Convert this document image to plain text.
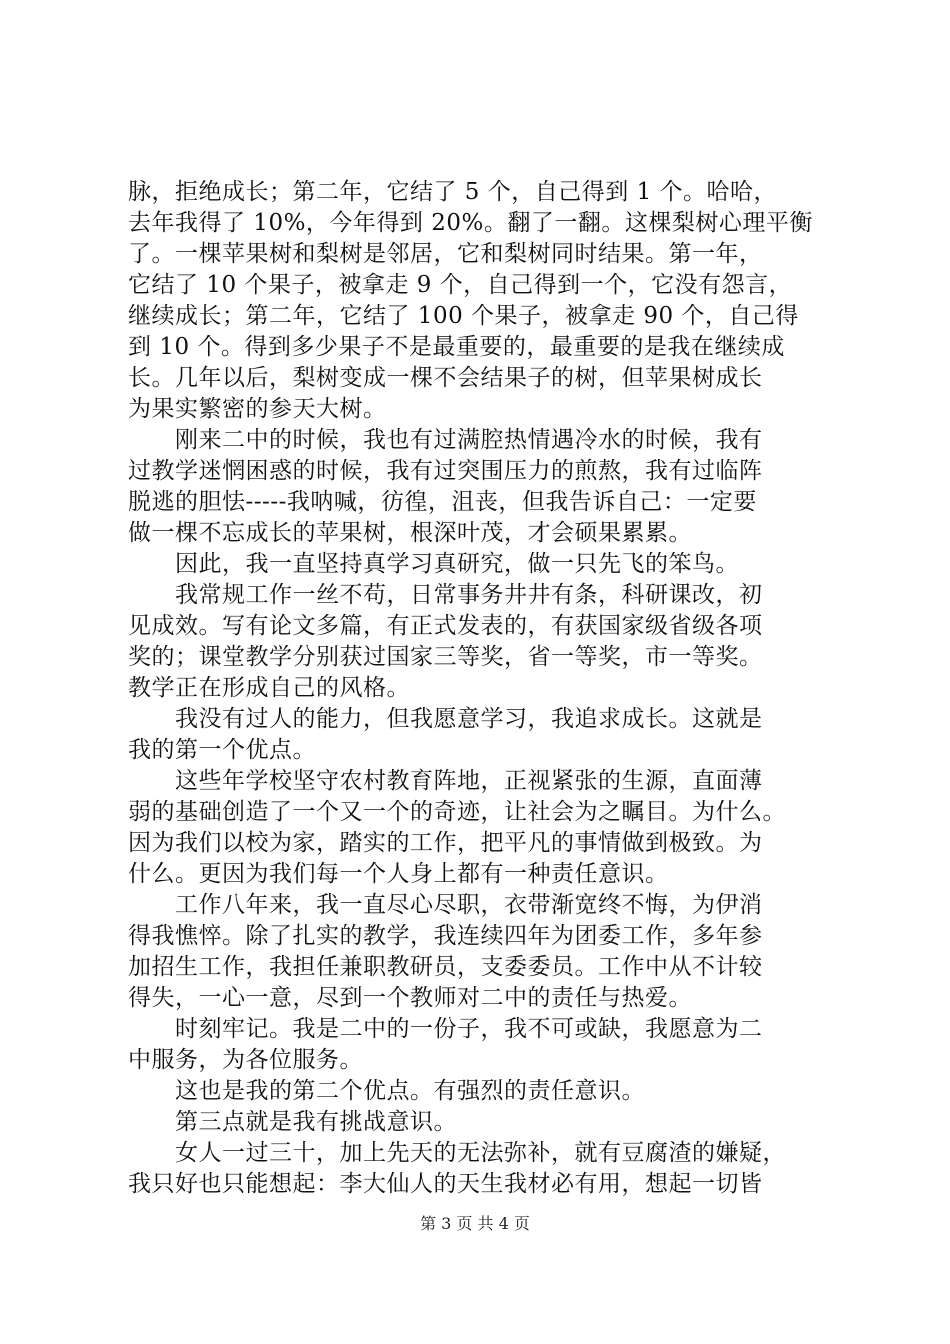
脉，拒绝成长；第二年，它结了 5 个，自己得到 1 个。哈哈，
去年我得了 10%，今年得到 20%。翻了一翻。这棵梨树心理平衡
了。一棵苹果树和梨树是邻居，它和梨树同时结果。第一年，
它结了 10 个果子，被拿走 9 个，自己得到一个，它没有怨言，
继续成长；第二年，它结了 100 个果子，被拿走 90 个，自己得
到 10 个。得到多少果子不是最重要的，最重要的是我在继续成
长。几年以后，梨树变成一棵不会结果子的树，但苹果树成长
为果实繁密的参天大树。
　　刚来二中的时候，我也有过满腔热情遇冷水的时候，我有
过教学迷惘困惑的时候，我有过突围压力的煎熬，我有过临阵
脱逃的胆怯-----我呐喊，彷徨，沮丧，但我告诉自己：一定要
做一棵不忘成长的苹果树，根深叶茂，才会硕果累累。
　　因此，我一直坚持真学习真研究，做一只先飞的笨鸟。
　　我常规工作一丝不苟，日常事务井井有条，科研课改，初
见成效。写有论文多篇，有正式发表的，有获国家级省级各项
奖的；课堂教学分别获过国家三等奖，省一等奖，市一等奖。
教学正在形成自己的风格。
　　我没有过人的能力，但我愿意学习，我追求成长。这就是
我的第一个优点。
　　这些年学校坚守农村教育阵地，正视紧张的生源，直面薄
弱的基础创造了一个又一个的奇迹，让社会为之瞩目。为什么。
因为我们以校为家，踏实的工作，把平凡的事情做到极致。为
什么。更因为我们每一个人身上都有一种责任意识。
　　工作八年来，我一直尽心尽职，衣带渐宽终不悔，为伊消
得我憔悴。除了扎实的教学，我连续四年为团委工作，多年参
加招生工作，我担任兼职教研员，支委委员。工作中从不计较
得失，一心一意，尽到一个教师对二中的责任与热爱。
　　时刻牢记。我是二中的一份子，我不可或缺，我愿意为二
中服务，为各位服务。
　　这也是我的第二个优点。有强烈的责任意识。
　　第三点就是我有挑战意识。
　　女人一过三十，加上先天的无法弥补，就有豆腐渣的嫌疑，
我只好也只能想起：李大仙人的天生我材必有用，想起一切皆
第 3 页 共 4 页
